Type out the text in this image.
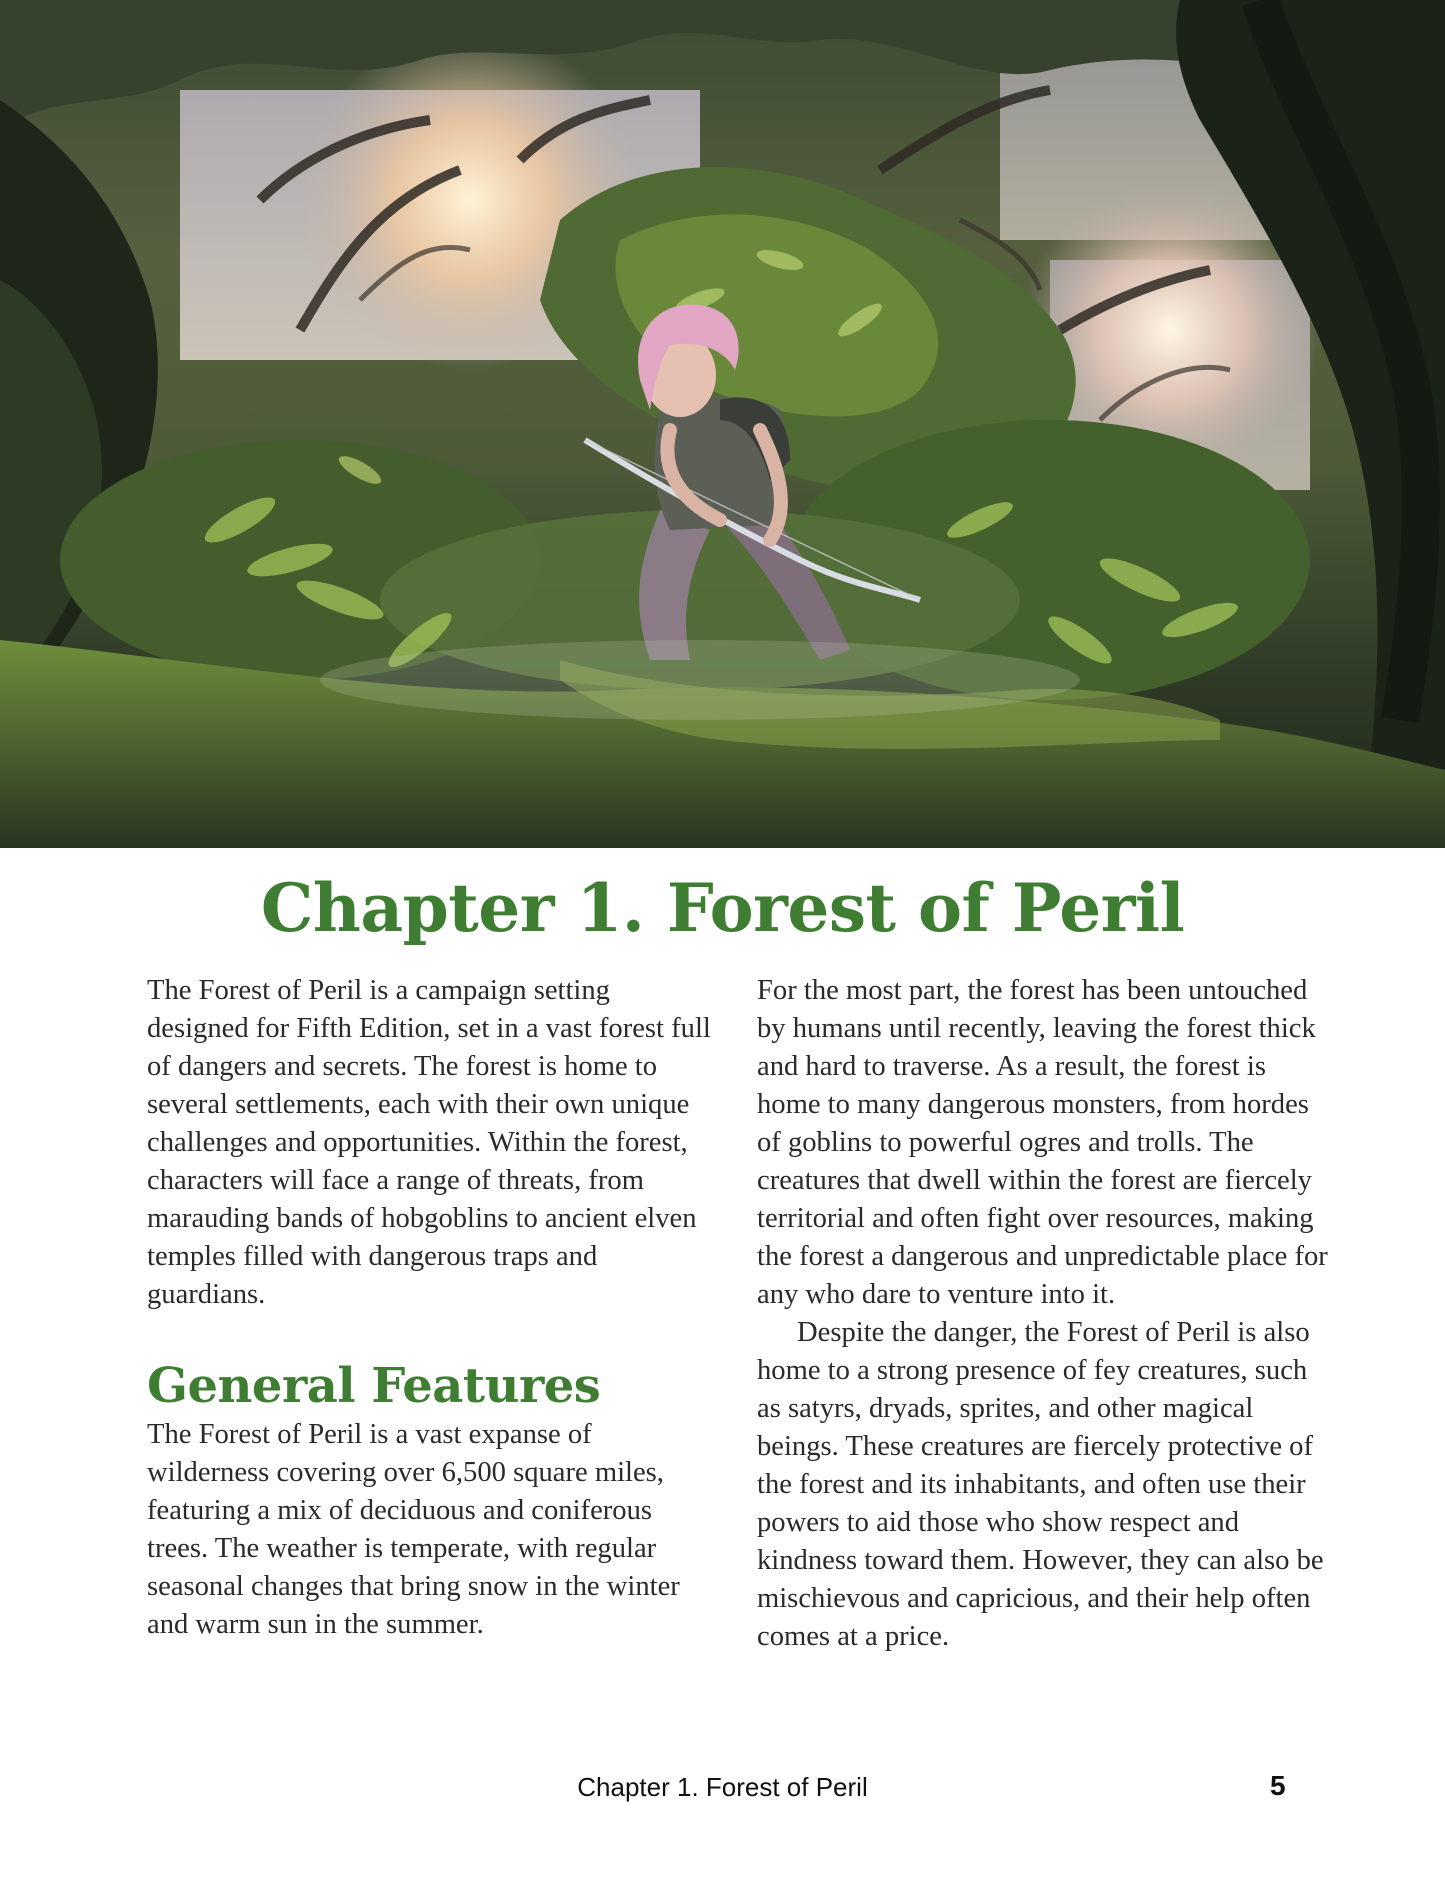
Chapter 1. Forest of Peril

The Forest of Peril is a campaign setting designed for Fifth Edition, set in a vast forest full of dangers and secrets. The forest is home to several settlements, each with their own unique challenges and opportunities. Within the forest, characters will face a range of threats, from marauding bands of hobgoblins to ancient elven temples filled with dangerous traps and guardians.

General Features

The Forest of Peril is a vast expanse of wilderness covering over 6,500 square miles, featuring a mix of deciduous and coniferous trees. The weather is temperate, with regular seasonal changes that bring snow in the winter and warm sun in the summer.

For the most part, the forest has been untouched by humans until recently, leaving the forest thick and hard to traverse. As a result, the forest is home to many dangerous monsters, from hordes of goblins to powerful ogres and trolls. The creatures that dwell within the forest are fiercely territorial and often fight over resources, making the forest a dangerous and unpredictable place for any who dare to venture into it.

Despite the danger, the Forest of Peril is also home to a strong presence of fey creatures, such as satyrs, dryads, sprites, and other magical beings. These creatures are fiercely protective of the forest and its inhabitants, and often use their powers to aid those who show respect and kindness toward them. However, they can also be mischievous and capricious, and their help often comes at a price.

Chapter 1. Forest of Peril	5
